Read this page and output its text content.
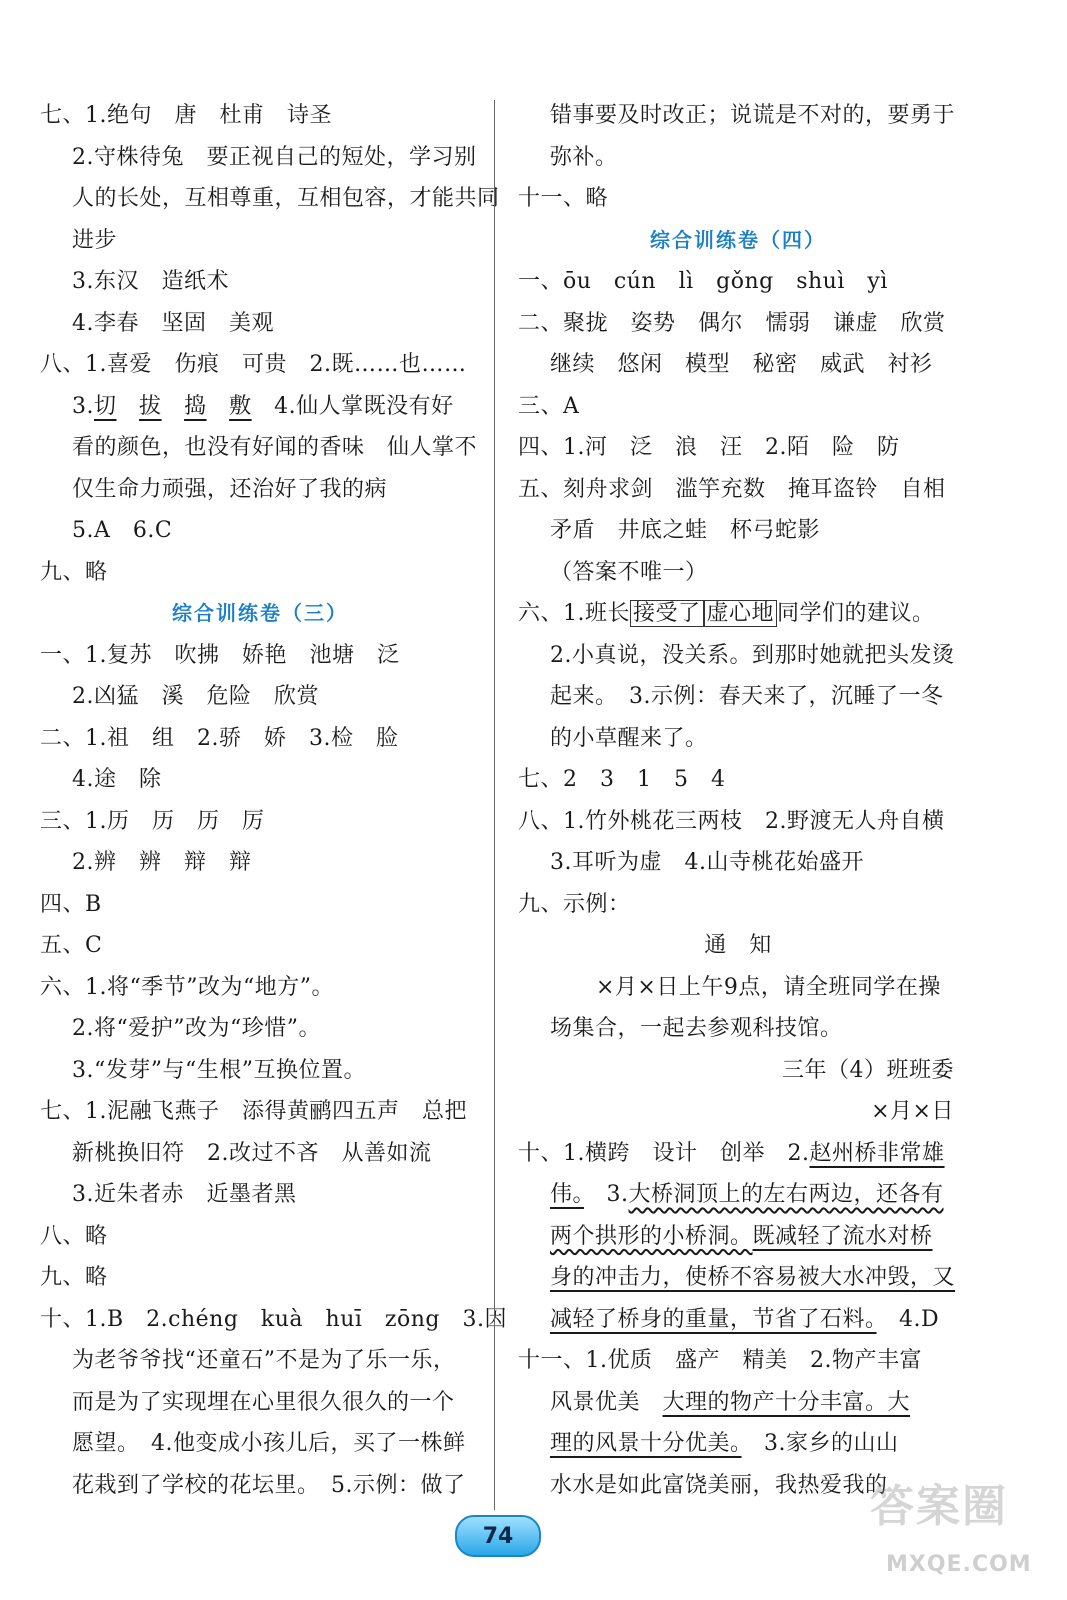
七、1.绝句　唐　杜甫　诗圣
2.守株待兔　要正视自己的短处，学习别
人的长处，互相尊重，互相包容，才能共同
进步
3.东汉　造纸术
4.李春　坚固　美观
八、1.喜爱　伤痕　可贵　2.既……也……
3.切　 拔　 捣　 敷　4.仙人掌既没有好
看的颜色，也没有好闻的香味　仙人掌不
仅生命力顽强，还治好了我的病
5.A　6.C
九、略
综合训练卷（三）
一、1.复苏　吹拂　娇艳　池塘　泛
2.凶猛　溪　危险　欣赏
二、1.祖　组　2.骄　娇　3.检　脸
4.途　除
三、1.历　历　历　厉
2.辨　辨　辩　辩
四、B
五、C
六、1.将“季节”改为“地方”。
2.将“爱护”改为“珍惜”。
3.“发芽”与“生根”互换位置。
七、1.泥融飞燕子　添得黄鹂四五声　总把
新桃换旧符　2.改过不吝　从善如流
3.近朱者赤　近墨者黑
八、略
九、略
十、1.B　2.chéng　kuà　huī　zōng　3.因
为老爷爷找“还童石”不是为了乐一乐，
而是为了实现埋在心里很久很久的一个
愿望。　4.他变成小孩儿后，买了一株鲜
花栽到了学校的花坛里。　5.示例：做了
错事要及时改正；说谎是不对的，要勇于
弥补。
十一、略
综合训练卷（四）
一、ōu　cún　lì　gǒng　shuì　yì
二、聚拢　姿势　偶尔　懦弱　谦虚　欣赏
继续　悠闲　模型　秘密　威武　衬衫
三、A
四、1.河　泛　浪　汪　2.陌　险　防
五、刻舟求剑　滥竽充数　掩耳盗铃　自相
矛盾　井底之蛙　杯弓蛇影
（答案不唯一）
六、1.班长 接受了 虚心地 同学们的建议。
2.小真说，没关系。到那时她就把头发烫
起来。　3.示例：春天来了，沉睡了一冬
的小草醒来了。
七、2　3　1　5　4
八、1.竹外桃花三两枝　2.野渡无人舟自横
3.耳听为虚　4.山寺桃花始盛开
九、示例：
通　知
×月×日上午9点，请全班同学在操
场集合，一起去参观科技馆。
三年（4）班班委
×月×日
十、1.横跨　设计　创举　2.赵州桥非常雄
伟。　3.大桥洞顶上的左右两边，还各有
两个拱形的小桥洞。既减轻了流水对桥
身的冲击力，使桥不容易被大水冲毁，又
减轻了桥身的重量，节省了石料。　4.D
十一、1.优质　盛产　精美　2.物产丰富
风景优美　大理的物产十分丰富。大
理的风景十分优美。　3.家乡的山山
水水是如此富饶美丽，我热爱我的
74
答案圈
MXQE.COM
